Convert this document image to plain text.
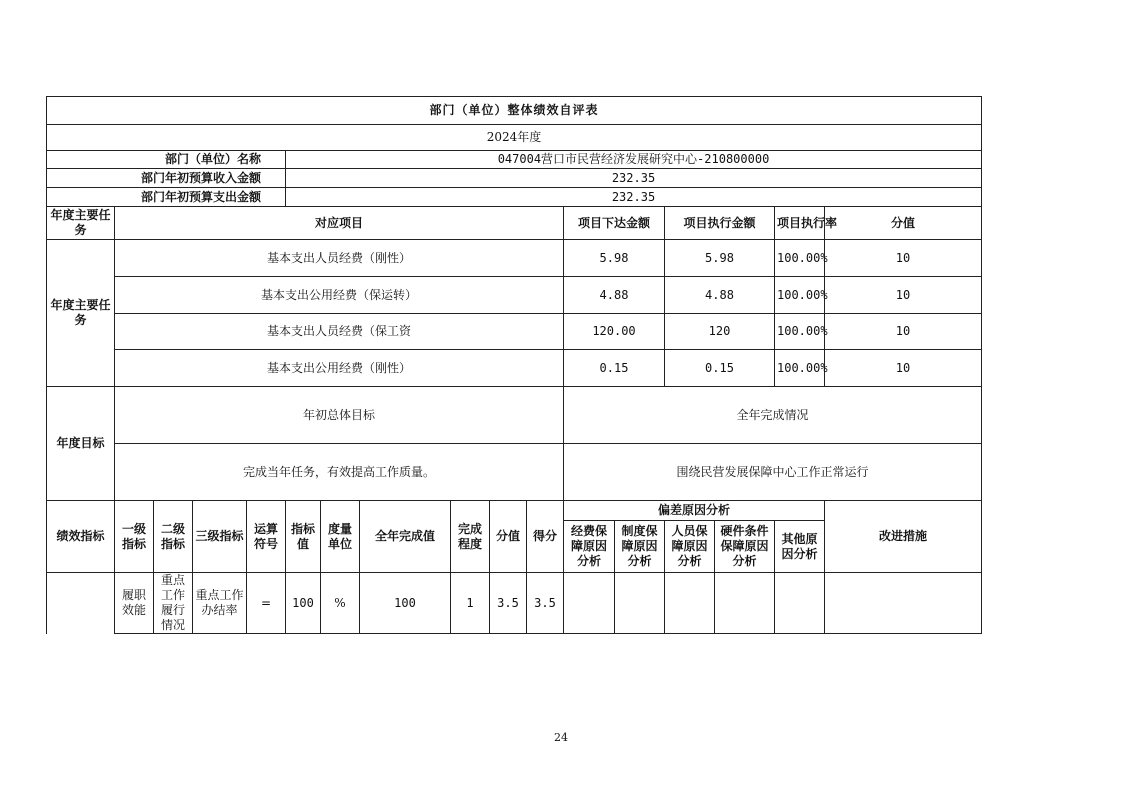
部门（单位）整体绩效自评表																
2024年度																
部门（单位）名称					047004营口市民营经济发展研究中心-210800000											
部门年初预算收入金额					232.35											
部门年初预算支出金额					232.35											
年度主要任务	对应项目										项目下达金额		项目执行金额		项目执行率	分值
年度主要任务	基本支出人员经费（刚性）										5.98		5.98		100.00%	10
	基本支出公用经费（保运转）										4.88		4.88		100.00%	10
	基本支出人员经费（保工资										120.00		120		100.00%	10
	基本支出公用经费（刚性）										0.15		0.15		100.00%	10
年度目标	年初总体目标										全年完成情况					
	完成当年任务，有效提高工作质量。										围绕民营发展保障中心工作正常运行					
绩效指标	一级指标	二级指标	三级指标	运算符号	指标值	度量单位	全年完成值	完成程度	分值	得分	偏差原因分析					改进措施
											经费保障原因分析	制度保障原因分析	人员保障原因分析	硬件条件保障原因分析	其他原因分析	
	履职效能	重点工作履行情况	重点工作办结率	=	100	%	100	1	3.5	3.5						
24
